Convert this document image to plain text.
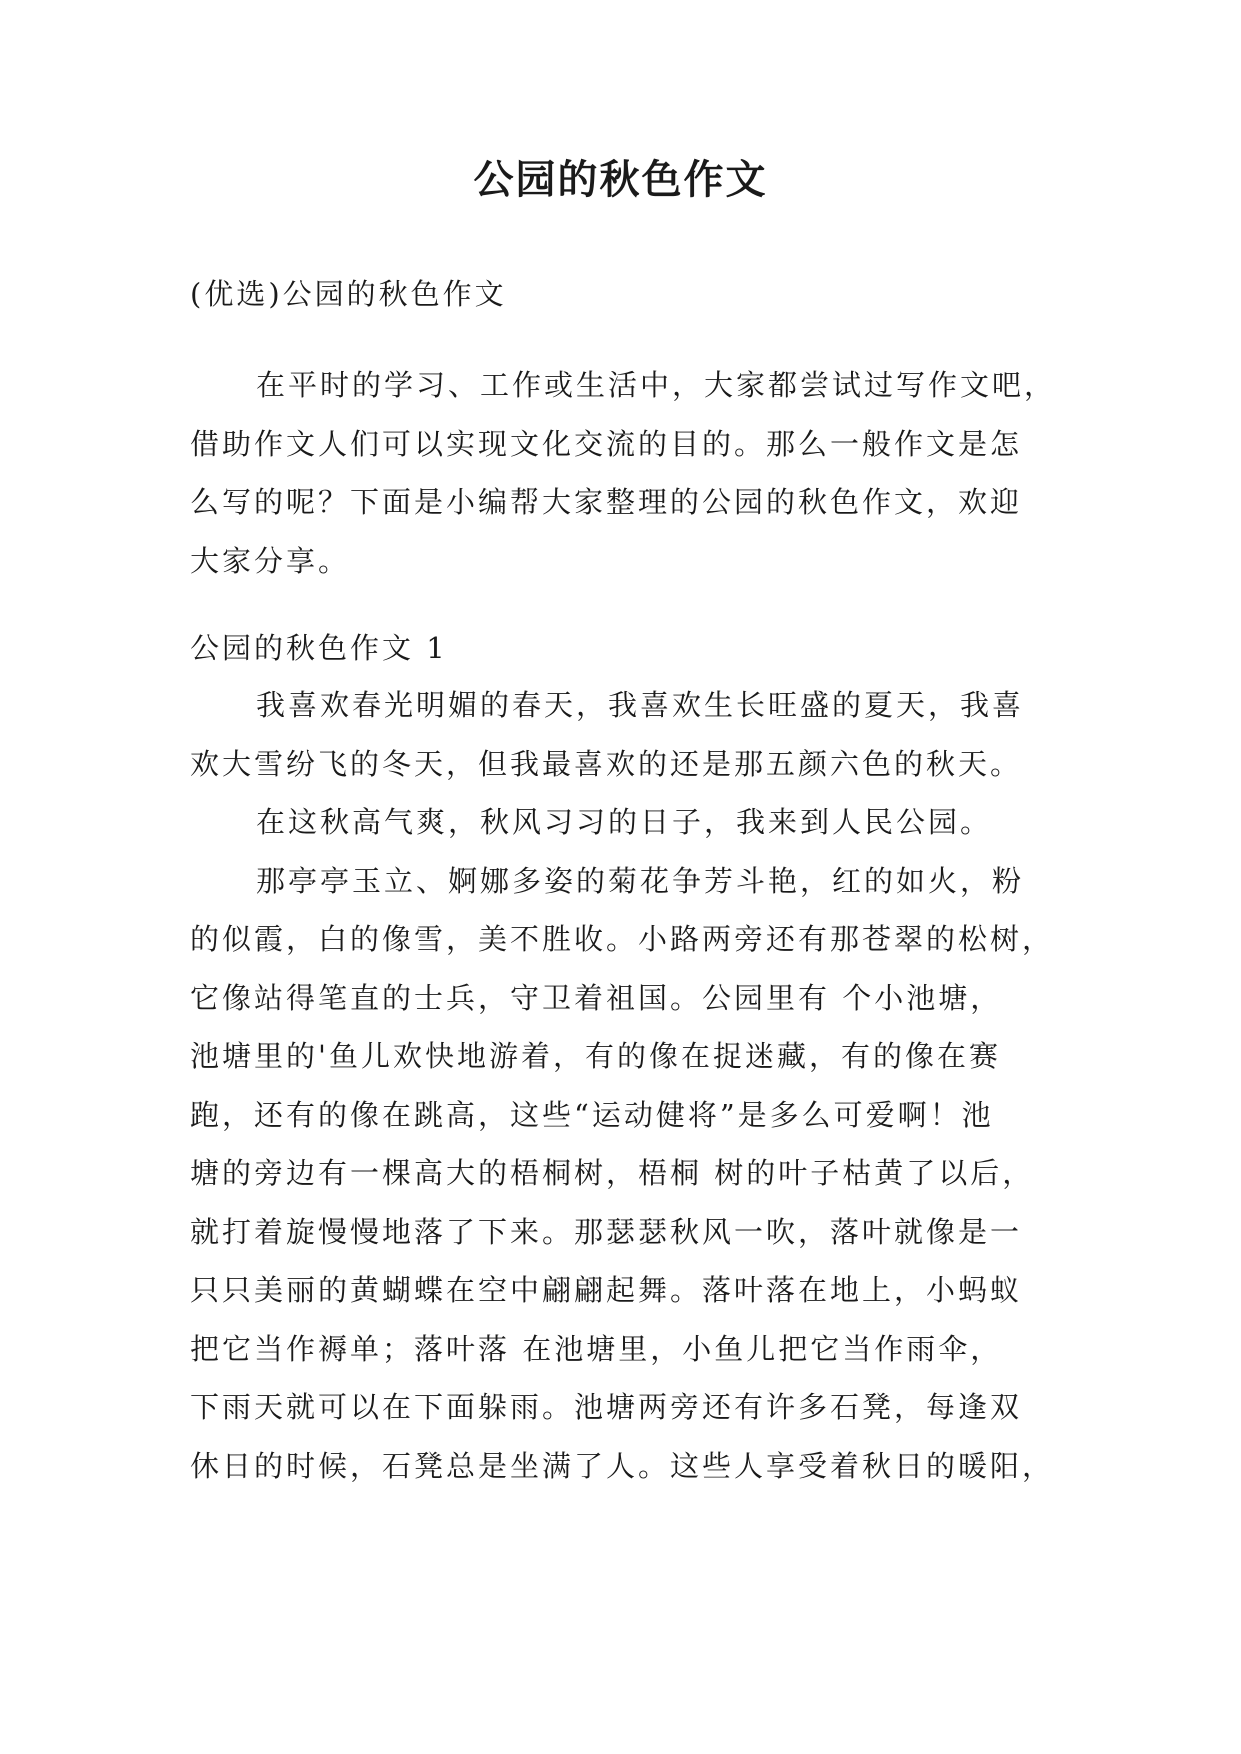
公园的秋色作文
(优选)公园的秋色作文
在平时的学习、工作或生活中，大家都尝试过写作文吧，
借助作文人们可以实现文化交流的目的。那么一般作文是怎
么写的呢？下面是小编帮大家整理的公园的秋色作文，欢迎
大家分享。
公园的秋色作文 1
我喜欢春光明媚的春天，我喜欢生长旺盛的夏天，我喜
欢大雪纷飞的冬天，但我最喜欢的还是那五颜六色的秋天。
在这秋高气爽，秋风习习的日子，我来到人民公园。
那亭亭玉立、婀娜多姿的菊花争芳斗艳，红的如火，粉
的似霞，白的像雪，美不胜收。小路两旁还有那苍翠的松树，
它像站得笔直的士兵，守卫着祖国。公园里有 个小池塘，
池塘里的'鱼儿欢快地游着，有的像在捉迷藏，有的像在赛
跑，还有的像在跳高，这些“运动健将”是多么可爱啊！池
塘的旁边有一棵高大的梧桐树，梧桐 树的叶子枯黄了以后，
就打着旋慢慢地落了下来。那瑟瑟秋风一吹，落叶就像是一
只只美丽的黄蝴蝶在空中翩翩起舞。落叶落在地上，小蚂蚁
把它当作褥单；落叶落 在池塘里，小鱼儿把它当作雨伞，
下雨天就可以在下面躲雨。池塘两旁还有许多石凳，每逢双
休日的时候，石凳总是坐满了人。这些人享受着秋日的暖阳，
